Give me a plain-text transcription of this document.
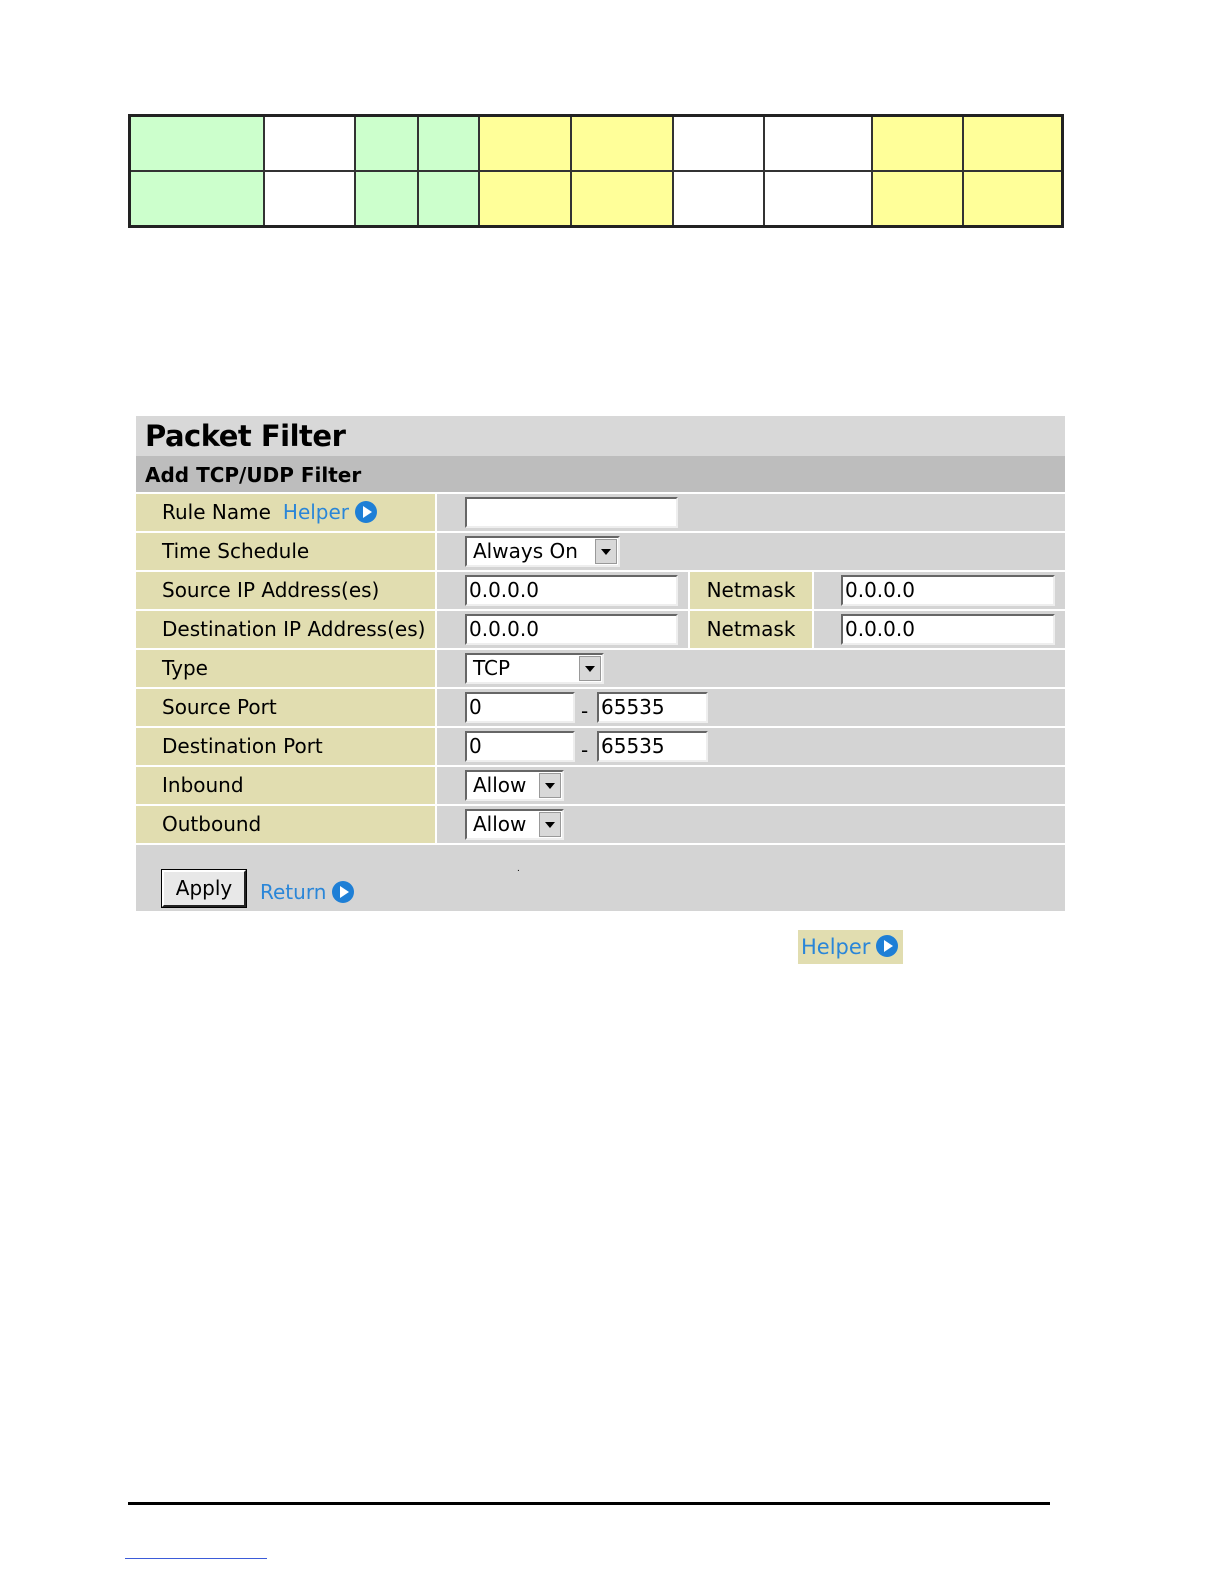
Packet Filter
Add TCP/UDP Filter
Rule Name Helper
Time Schedule	Always On
Source IP Address(es)	0.0.0.0	Netmask	0.0.0.0
Destination IP Address(es)	0.0.0.0	Netmask	0.0.0.0
Type	TCP
Source Port	0	- 65535
Destination Port	0	- 65535
Inbound	Allow
Outbound	Allow
Apply	Return
.
Helper
